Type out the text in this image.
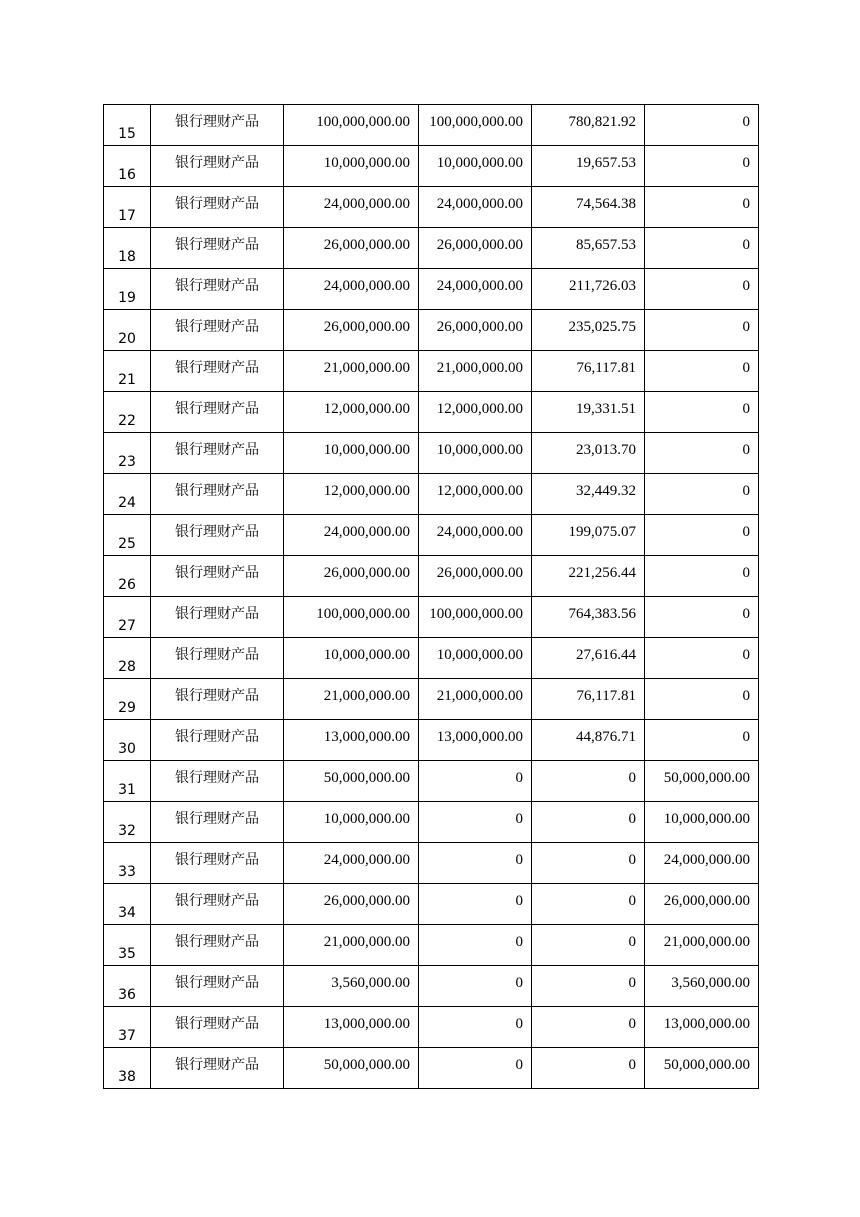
15	银行理财产品	100,000,000.00	100,000,000.00	780,821.92	0
16	银行理财产品	10,000,000.00	10,000,000.00	19,657.53	0
17	银行理财产品	24,000,000.00	24,000,000.00	74,564.38	0
18	银行理财产品	26,000,000.00	26,000,000.00	85,657.53	0
19	银行理财产品	24,000,000.00	24,000,000.00	211,726.03	0
20	银行理财产品	26,000,000.00	26,000,000.00	235,025.75	0
21	银行理财产品	21,000,000.00	21,000,000.00	76,117.81	0
22	银行理财产品	12,000,000.00	12,000,000.00	19,331.51	0
23	银行理财产品	10,000,000.00	10,000,000.00	23,013.70	0
24	银行理财产品	12,000,000.00	12,000,000.00	32,449.32	0
25	银行理财产品	24,000,000.00	24,000,000.00	199,075.07	0
26	银行理财产品	26,000,000.00	26,000,000.00	221,256.44	0
27	银行理财产品	100,000,000.00	100,000,000.00	764,383.56	0
28	银行理财产品	10,000,000.00	10,000,000.00	27,616.44	0
29	银行理财产品	21,000,000.00	21,000,000.00	76,117.81	0
30	银行理财产品	13,000,000.00	13,000,000.00	44,876.71	0
31	银行理财产品	50,000,000.00	0	0	50,000,000.00
32	银行理财产品	10,000,000.00	0	0	10,000,000.00
33	银行理财产品	24,000,000.00	0	0	24,000,000.00
34	银行理财产品	26,000,000.00	0	0	26,000,000.00
35	银行理财产品	21,000,000.00	0	0	21,000,000.00
36	银行理财产品	3,560,000.00	0	0	3,560,000.00
37	银行理财产品	13,000,000.00	0	0	13,000,000.00
38	银行理财产品	50,000,000.00	0	0	50,000,000.00
